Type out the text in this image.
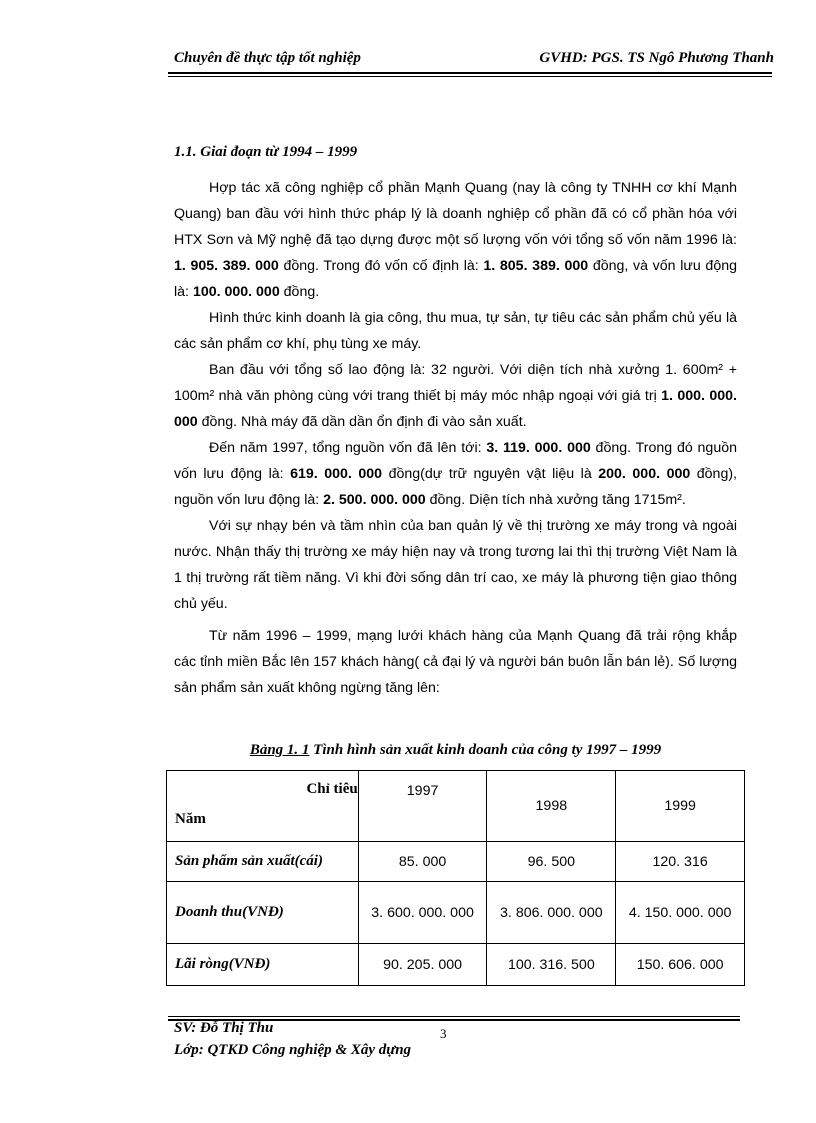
Chuyên đề thực tập tốt nghiệp	GVHD: PGS. TS Ngô Phương Thanh
1.1. Giai đoạn từ 1994 – 1999

Hợp tác xã công nghiệp cổ phần Mạnh Quang (nay là công ty TNHH cơ khí Mạnh Quang) ban đầu với hình thức pháp lý là doanh nghiệp cổ phần đã có cổ phần hóa với HTX Sơn và Mỹ nghệ đã tạo dựng được một số lượng vốn với tổng số vốn năm 1996 là: 1. 905. 389. 000 đồng. Trong đó vốn cố định là: 1. 805. 389. 000 đồng, và vốn lưu động là: 100. 000. 000 đồng.

Hình thức kinh doanh là gia công, thu mua, tự sản, tự tiêu các sản phẩm chủ yếu là các sản phẩm cơ khí, phụ tùng xe máy.

Ban đầu với tổng số lao động là: 32 người. Với diện tích nhà xưởng 1. 600m² + 100m² nhà văn phòng cùng với trang thiết bị máy móc nhập ngoại với giá trị 1. 000. 000. 000 đồng. Nhà máy đã dần dần ổn định đi vào sản xuất.

Đến năm 1997, tổng nguồn vốn đã lên tới: 3. 119. 000. 000 đồng. Trong đó nguồn vốn lưu động là: 619. 000. 000 đồng(dự trữ nguyên vật liệu là 200. 000. 000 đồng), nguồn vốn lưu động là: 2. 500. 000. 000 đồng. Diện tích nhà xưởng tăng 1715m².

Với sự nhạy bén và tầm nhìn của ban quản lý về thị trường xe máy trong và ngoài nước. Nhận thấy thị trường xe máy hiện nay và trong tương lai thì thị trường Việt Nam là 1 thị trường rất tiềm năng. Vì khi đời sống dân trí cao, xe máy là phương tiện giao thông chủ yếu.

Từ năm 1996 – 1999, mạng lưới khách hàng của Mạnh Quang đã trải rộng khắp các tỉnh miền Bắc lên 157 khách hàng( cả đại lý và người bán buôn lẫn bán lẻ). Số lượng sản phẩm sản xuất không ngừng tăng lên:

Bảng 1. 1 Tình hình sản xuất kinh doanh của công ty 1997 – 1999
Chỉ tiêu
Năm	1997	1998	1999
Sản phẩm sản xuất(cái)	85. 000	96. 500	120. 316
Doanh thu(VNĐ)	3. 600. 000. 000	3. 806. 000. 000	4. 150. 000. 000
Lãi ròng(VNĐ)	90. 205. 000	100. 316. 500	150. 606. 000
SV: Đỗ Thị Thu	3
Lớp: QTKD Công nghiệp & Xây dựng
